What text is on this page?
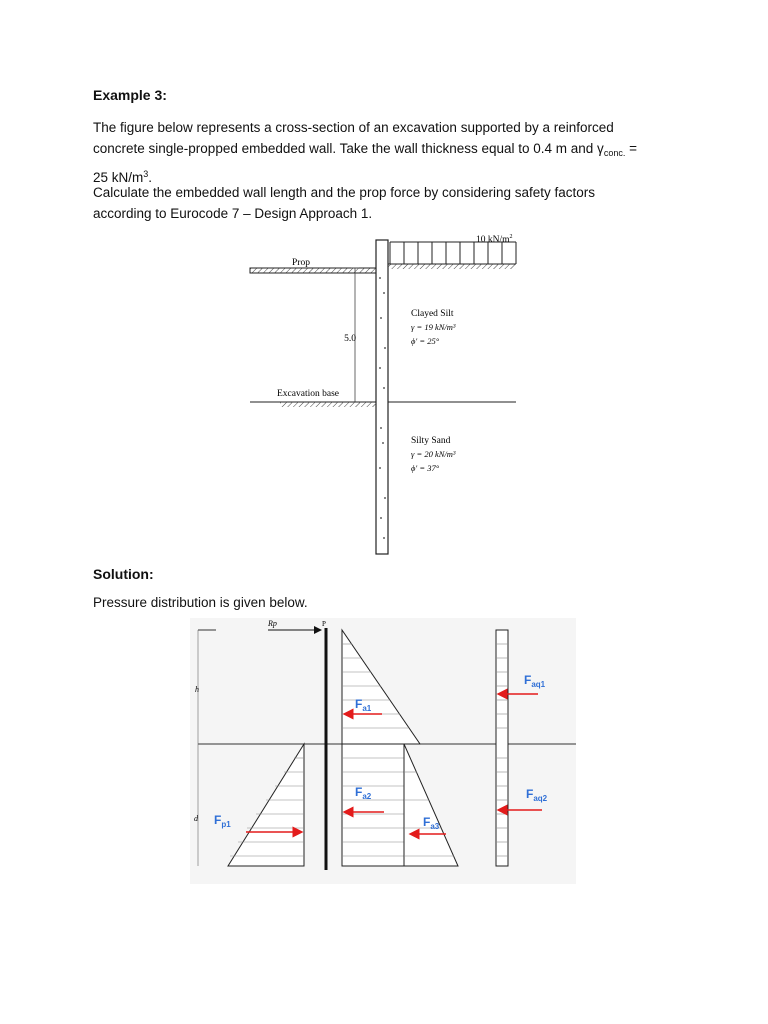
Example 3:
The figure below represents a cross-section of an excavation supported by a reinforced
concrete single-propped embedded wall. Take the wall thickness equal to 0.4 m and $\gamma_{conc.}$ =
25 $kN/m^3$.
Calculate the embedded wall length and the prop force by considering safety factors
according to Eurocode 7 – Design Approach 1.
Prop
10 $kN/m^2$
5.0
Excavation base
Clayed Silt
γ = 19 kN/m³
ϕ' = 25°
Silty Sand
γ = 20 kN/m³
ϕ' = 37°
Solution:
Pressure distribution is given below.
h
d
Rp	P
$F_{a1}$
$F_{a2}$
$F_{a3}$
$F_{p1}$
$F_{aq1}$
$F_{aq2}$
